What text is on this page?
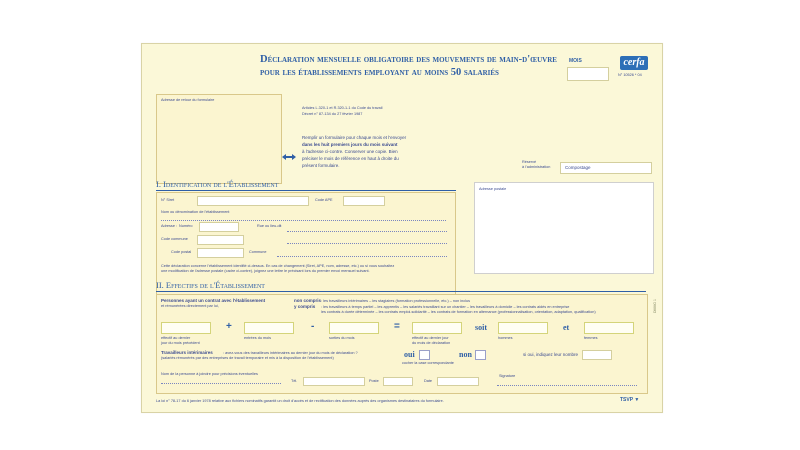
Déclaration mensuelle obligatoire des mouvements de main-d'œuvre
pour les établissements employant au moins 50 salariés
MOIS	cerfa
N° 10526 * 04
Adresse de retour du formulaire
Articles L.320-1 et R.320-1-1 du Code du travail
Décret n° 87-134 du 27 février 1987
Remplir un formulaire pour chaque mois et l'envoyer
dans les huit premiers jours du mois suivant
à l'adresse ci-contre. Conserver une copie. Bien
préciser le mois de référence en haut à droite du
présent formulaire.
Réservé
à l'administration	Compostage
I. Identification de l'Établissement
N° Siret	Code APE
Nom ou dénomination de l'établissement
Adresse : Numéro	Rue ou lieu-dit
Code commune
Code postal	Commune
Cette déclaration concerne l'établissement identifié ci-dessus. En cas de changement (Siret, APE, nom, adresse, etc.) ou si vous souhaitez
une modification de l'adresse postale (cadre ci-contre), joignez une lettre le précisant lors du premier envoi mensuel suivant.
Adresse postale
II. Effectifs de l'Établissement
Personnes ayant un contrat avec l'établissement
et rémunérées directement par lui,
non compris : les travailleurs intérimaires – les stagiaires (formation professionnelle, etc.) – non inclus
y compris : les travailleurs à temps partiel – les apprentis – les salariés travaillant sur un chantier – les travailleurs à domicile – les contrats aidés en entreprise
les contrats à durée déterminée – les contrats emploi-solidarité – les contrats de formation en alternance (professionnalisation, orientation, adaptation, qualification)
+	-	=	soit	et
effectif au dernier
jour du mois précédent
entrées du mois	sorties du mois	effectif au dernier jour
du mois de déclaration
hommes	femmes
Travailleurs intérimaires	: avez-vous des travailleurs intérimaires au dernier jour du mois de déclaration ?
(salariés rémunérés par des entreprises de travail temporaire et mis à la disposition de l'établissement)	oui	non
cocher la case correspondante
si oui, indiquez leur nombre
Nom de la personne à joindre pour précisions éventuelles
Tél.	Poste	Date
Signature
La loi n° 78-17 du 6 janvier 1978 relative aux fichiers nominatifs garantit un droit d'accès et de rectification des données auprès des organismes destinataires du formulaire.	TSVP ▼
DMMO 1
